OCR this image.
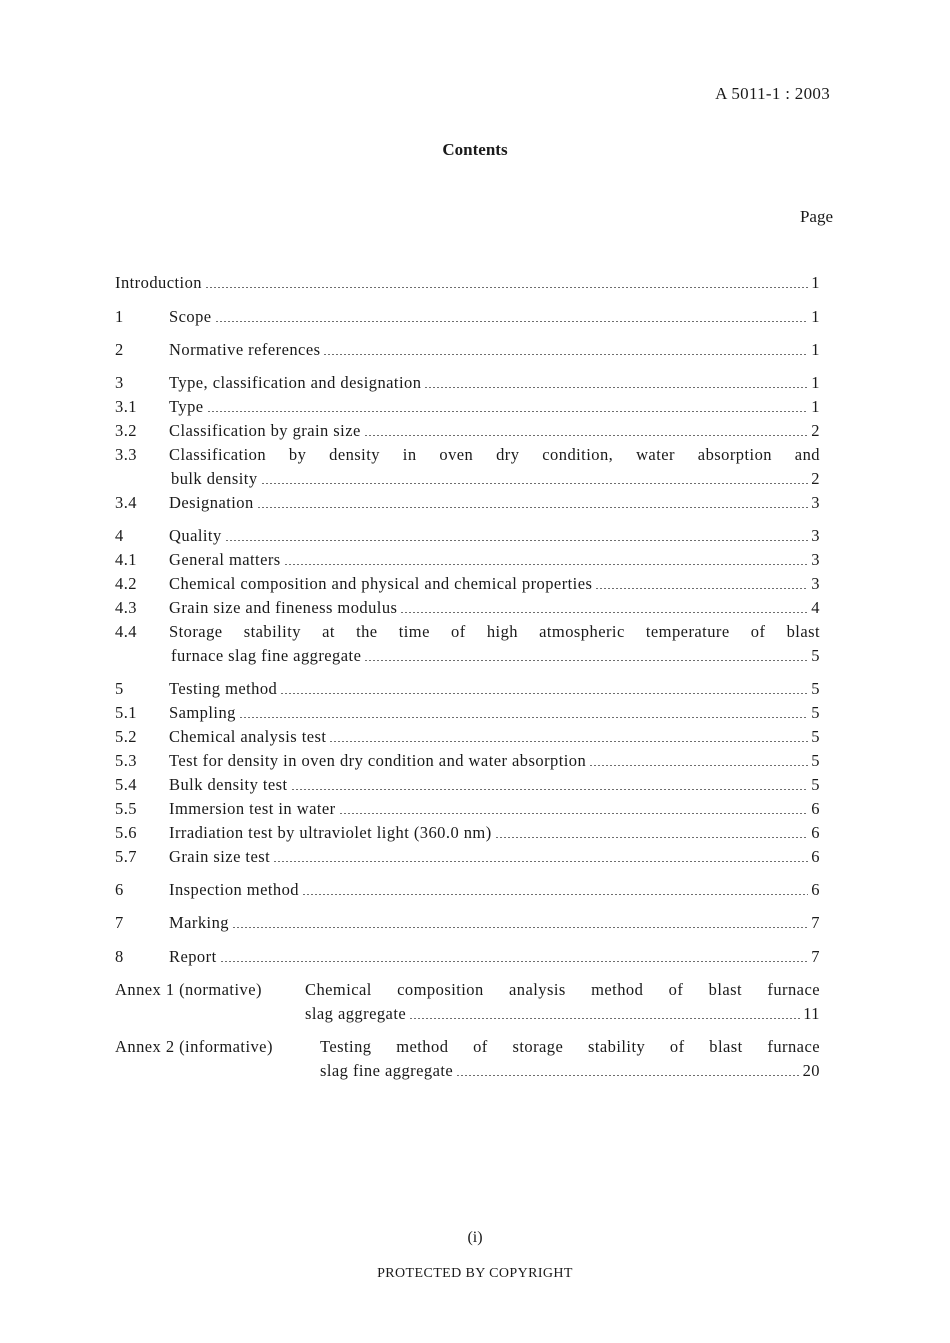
A 5011-1 : 2003
Contents
Page
Introduction	1
1	Scope	1
2	Normative references	1
3	Type, classification and designation	1
3.1 Type	1
3.2 Classification by grain size	2
3.3 Classification by density in oven dry condition, water absorption and
bulk density	2
3.4 Designation	3
4	Quality	3
4.1 General matters	3
4.2 Chemical composition and physical and chemical properties	3
4.3 Grain size and fineness modulus	4
4.4 Storage stability at the time of high atmospheric temperature of blast
furnace slag fine aggregate	5
5	Testing method	5
5.1 Sampling	5
5.2 Chemical analysis test	5
5.3 Test for density in oven dry condition and water absorption	5
5.4 Bulk density test	5
5.5 Immersion test in water	6
5.6 Irradiation test by ultraviolet light (360.0 nm)	6
5.7 Grain size test	6
6	Inspection method	6
7	Marking	7
8	Report	7
Annex 1 (normative)	Chemical composition analysis method of blast furnace
slag aggregate	11
Annex 2 (informative)	Testing method of storage stability of blast furnace
slag fine aggregate	20
(i)
PROTECTED BY COPYRIGHT
